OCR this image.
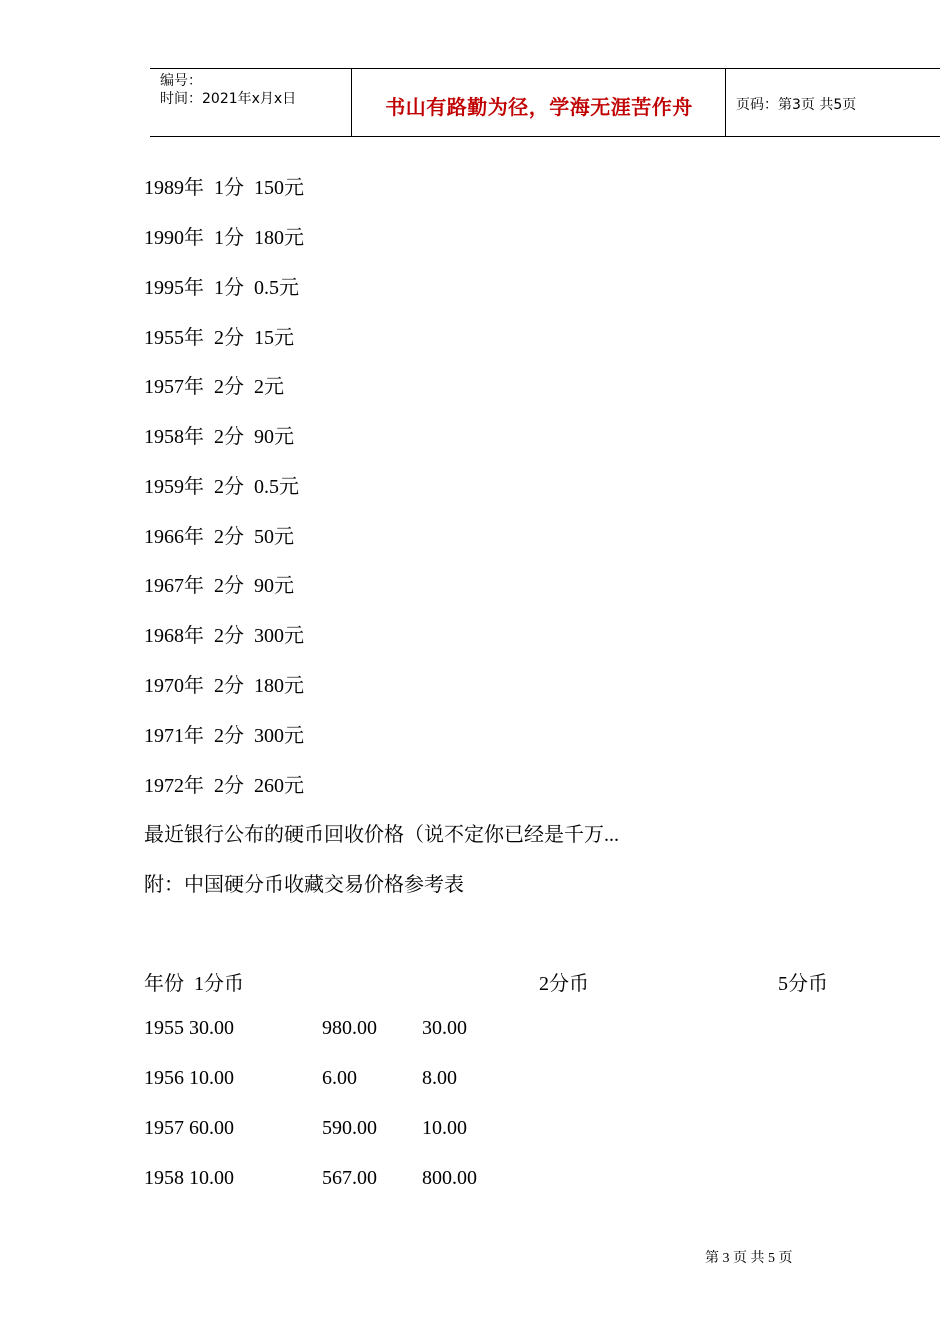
编号：
时间：2021年x月x日	书山有路勤为径，学海无涯苦作舟	页码：第3页 共5页
1989年  1分  150元
1990年  1分  180元
1995年  1分  0.5元
1955年  2分  15元
1957年  2分  2元
1958年  2分  90元
1959年  2分  0.5元
1966年  2分  50元
1967年  2分  90元
1968年  2分  300元
1970年  2分  180元
1971年  2分  300元
1972年  2分  260元
最近银行公布的硬币回收价格（说不定你已经是千万...
附：中国硬分币收藏交易价格参考表
年份  1分币	2分币	5分币
1955 30.00	980.00 30.00
1956 10.00	6.00	8.00
1957 60.00	590.00 10.00
1958 10.00	567.00 800.00
第 3 页 共 5 页
